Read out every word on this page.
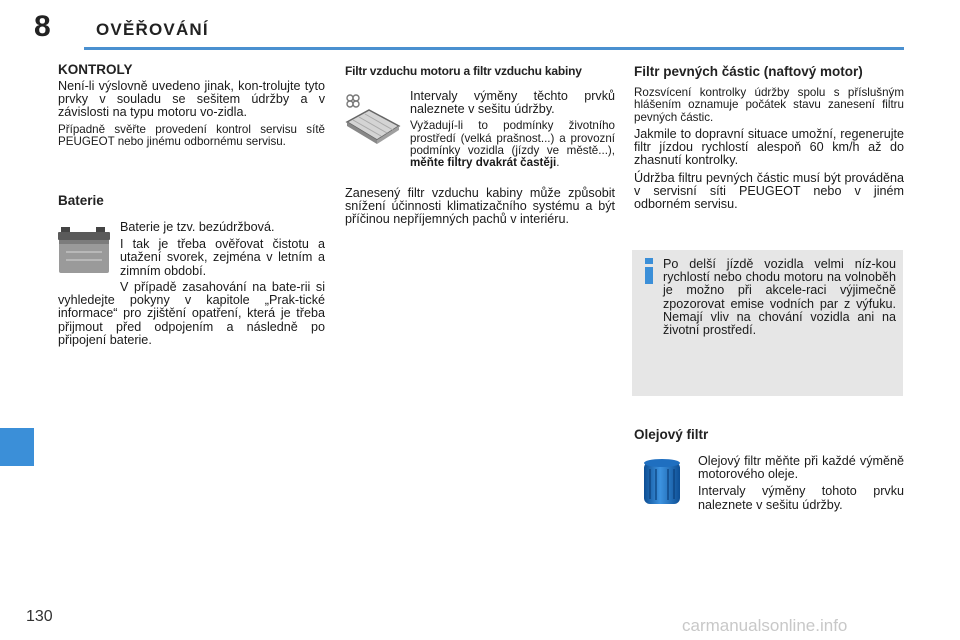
8	OVĚŘOVÁNÍ
KONTROLY

Není-li výslovně uvedeno jinak, kon-trolujte tyto prvky v souladu se sešitem údržby a v závislosti na typu motoru vo-zidla.

Případně svěřte provedení kontrol servisu sítě PEUGEOT nebo jinému odbornému servisu.

Baterie

Baterie je tzv. bezúdržbová.

I tak je třeba ověřovat čistotu a utažení svorek, zejména v letním a zimním období.

V případě zasahování na bate-rii si vyhledejte pokyny v kapitole „Prak-tické informace“ pro zjištění opatření, která je třeba přijmout před odpojením a následně po připojení baterie.

Filtr vzduchu motoru a filtr vzduchu kabiny

Intervaly výměny těchto prvků naleznete v sešitu údržby.

Vyžadují-li to podmínky životního prostředí (velká prašnost...) a provozní podmínky vozidla (jízdy ve městě...), měňte filtry dvakrát častěji.

Zanesený filtr vzduchu kabiny může způsobit snížení účinnosti klimatizačního systému a být příčinou nepříjemných pachů v interiéru.

Filtr pevných částic (naftový motor)

Rozsvícení kontrolky údržby spolu s příslušným hlášením oznamuje počátek stavu zanesení filtru pevných částic.

Jakmile to dopravní situace umožní, regenerujte filtr jízdou rychlostí alespoň 60 km/h až do zhasnutí kontrolky.

Údržba filtru pevných částic musí být prováděna v servisní síti PEUGEOT nebo v jiném odborném servisu.

Po delší jízdě vozidla velmi níz-kou rychlostí nebo chodu motoru na volnoběh je možno při akcele-raci výjimečně zpozorovat emise vodních par z výfuku. Nemají vliv na chování vozidla ani na životní prostředí.

Olejový filtr

Olejový filtr měňte při každé výměně motorového oleje.

Intervaly výměny tohoto prvku naleznete v sešitu údržby.

130	carmanualsonline.info
